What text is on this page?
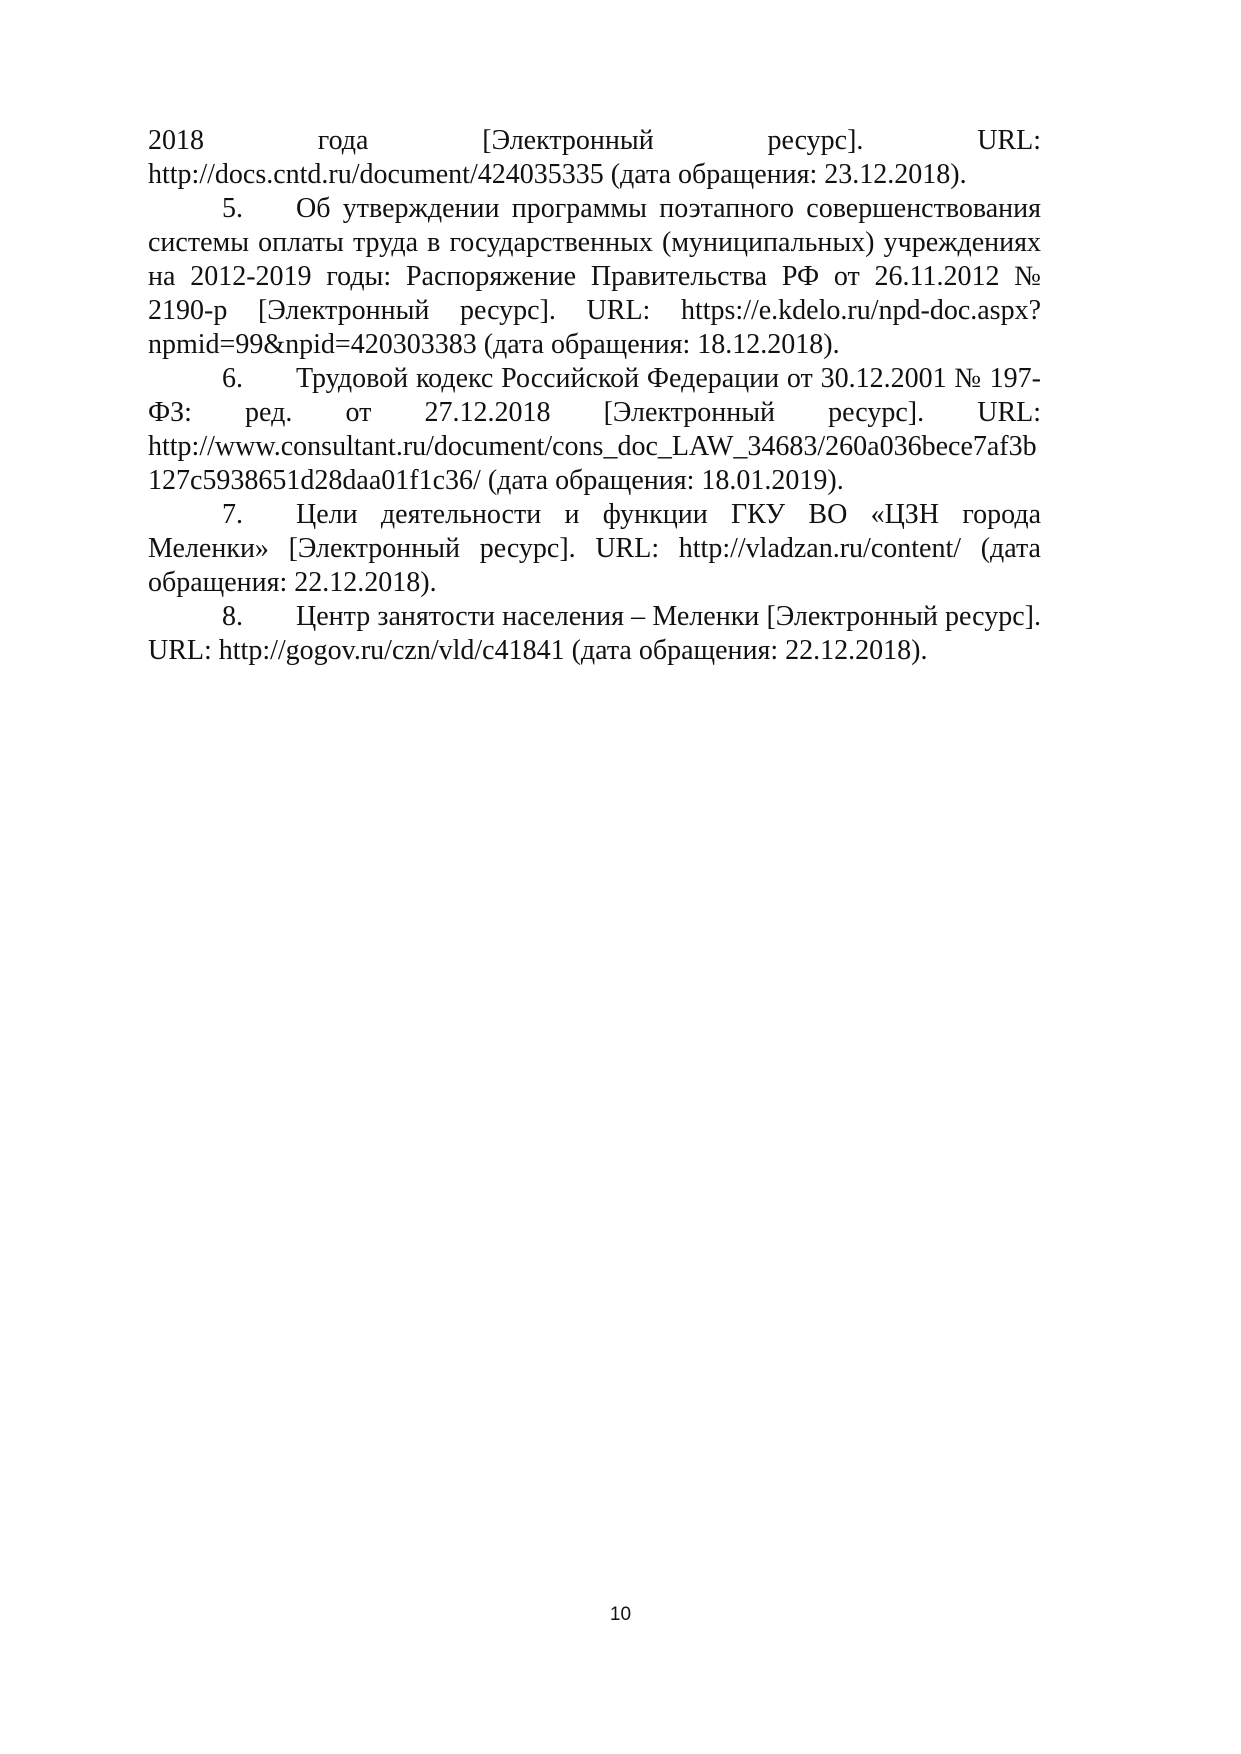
2018 года [Электронный ресурс]. URL: http://docs.cntd.ru/document/424035335 (дата обращения: 23.12.2018).

5. Об утверждении программы поэтапного совершенствования системы оплаты труда в государственных (муниципальных) учреждениях на 2012-2019 годы: Распоряжение Правительства РФ от 26.11.2012 № 2190-р [Электронный ресурс]. URL: https://e.kdelo.ru/npd-doc.aspx?npmid=99&npid=420303383 (дата обращения: 18.12.2018).

6. Трудовой кодекс Российской Федерации от 30.12.2001 № 197-ФЗ: ред. от 27.12.2018 [Электронный ресурс]. URL: http://www.consultant.ru/document/cons_doc_LAW_34683/260a036bece7af3b127c5938651d28daa01f1c36/ (дата обращения: 18.01.2019).

7. Цели деятельности и функции ГКУ ВО «ЦЗН города Меленки» [Электронный ресурс]. URL: http://vladzan.ru/content/ (дата обращения: 22.12.2018).

8. Центр занятости населения – Меленки [Электронный ресурс]. URL: http://gogov.ru/czn/vld/c41841 (дата обращения: 22.12.2018).

10
